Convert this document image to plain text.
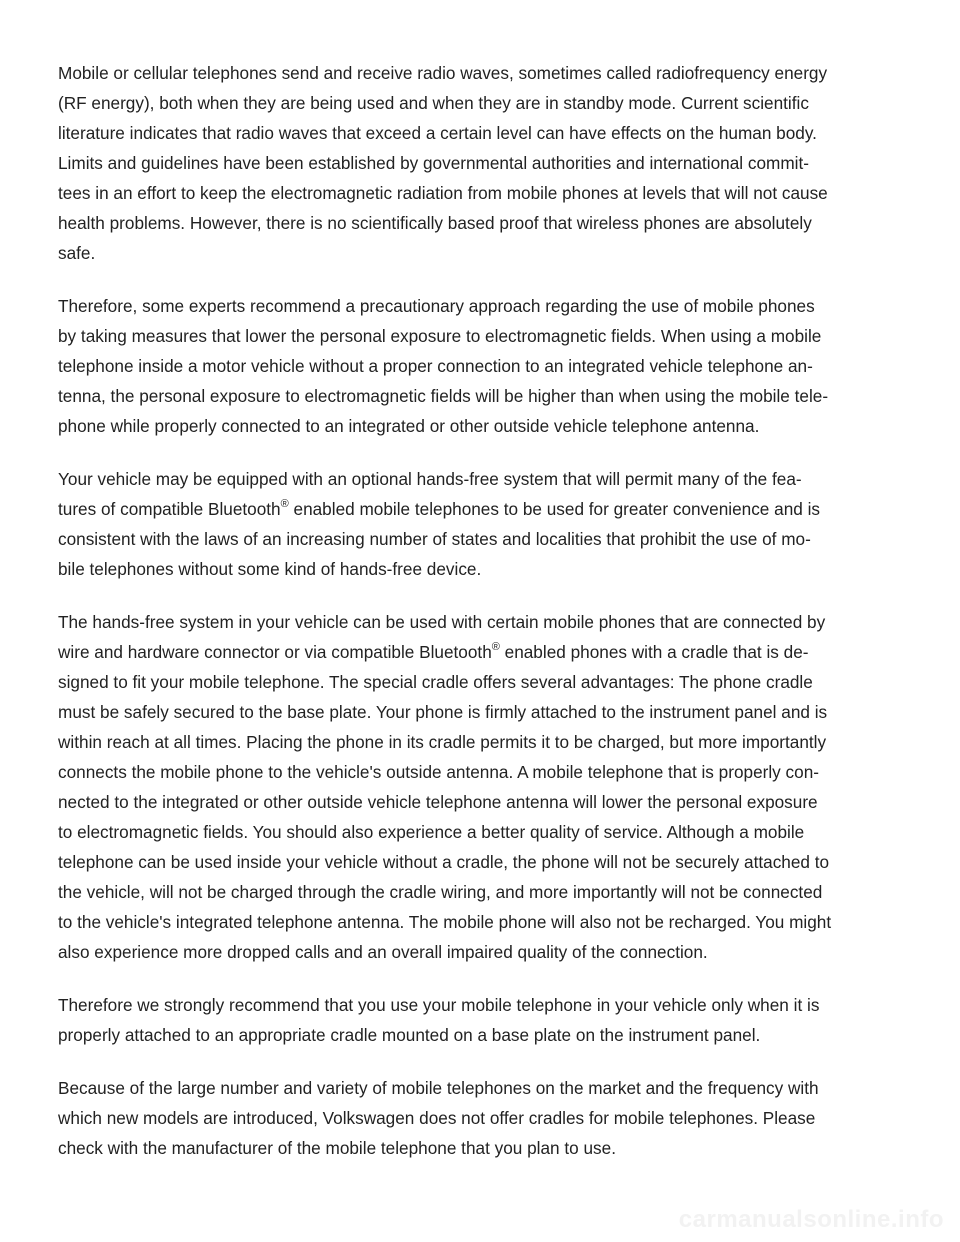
Mobile or cellular telephones send and receive radio waves, sometimes called radiofrequency energy
(RF energy), both when they are being used and when they are in standby mode. Current scientific
literature indicates that radio waves that exceed a certain level can have effects on the human body.
Limits and guidelines have been established by governmental authorities and international commit-
tees in an effort to keep the electromagnetic radiation from mobile phones at levels that will not cause
health problems. However, there is no scientifically based proof that wireless phones are absolutely
safe.

Therefore, some experts recommend a precautionary approach regarding the use of mobile phones
by taking measures that lower the personal exposure to electromagnetic fields. When using a mobile
telephone inside a motor vehicle without a proper connection to an integrated vehicle telephone an-
tenna, the personal exposure to electromagnetic fields will be higher than when using the mobile tele-
phone while properly connected to an integrated or other outside vehicle telephone antenna.

Your vehicle may be equipped with an optional hands-free system that will permit many of the fea-
tures of compatible Bluetooth® enabled mobile telephones to be used for greater convenience and is
consistent with the laws of an increasing number of states and localities that prohibit the use of mo-
bile telephones without some kind of hands-free device.

The hands-free system in your vehicle can be used with certain mobile phones that are connected by
wire and hardware connector or via compatible Bluetooth® enabled phones with a cradle that is de-
signed to fit your mobile telephone. The special cradle offers several advantages: The phone cradle
must be safely secured to the base plate. Your phone is firmly attached to the instrument panel and is
within reach at all times. Placing the phone in its cradle permits it to be charged, but more importantly
connects the mobile phone to the vehicle's outside antenna. A mobile telephone that is properly con-
nected to the integrated or other outside vehicle telephone antenna will lower the personal exposure
to electromagnetic fields. You should also experience a better quality of service. Although a mobile
telephone can be used inside your vehicle without a cradle, the phone will not be securely attached to
the vehicle, will not be charged through the cradle wiring, and more importantly will not be connected
to the vehicle's integrated telephone antenna. The mobile phone will also not be recharged. You might
also experience more dropped calls and an overall impaired quality of the connection.

Therefore we strongly recommend that you use your mobile telephone in your vehicle only when it is
properly attached to an appropriate cradle mounted on a base plate on the instrument panel.

Because of the large number and variety of mobile telephones on the market and the frequency with
which new models are introduced, Volkswagen does not offer cradles for mobile telephones. Please
check with the manufacturer of the mobile telephone that you plan to use.

carmanualsonline.info
